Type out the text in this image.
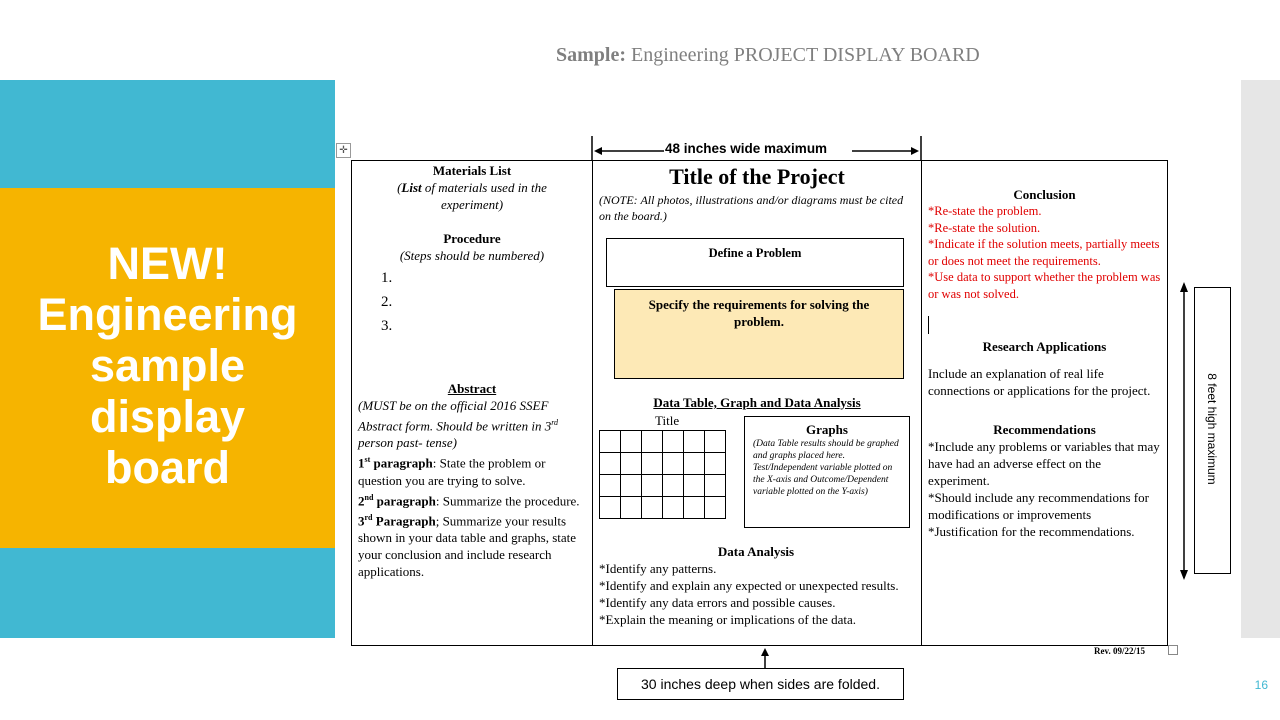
NEW!
Engineering
sample
display
board
Sample: Engineering PROJECT DISPLAY BOARD
✛	48 inches wide maximum
8 feet high maximum
Materials List
(List of materials used in the experiment)
Procedure
(Steps should be numbered)
1.
2.
3.
Abstract
(MUST be on the official 2016 SSEF Abstract form. Should be written in 3rd person past- tense)
1st paragraph: State the problem or question you are trying to solve.
2nd paragraph: Summarize the procedure.
3rd Paragraph; Summarize your results shown in your data table and graphs, state your conclusion and include research applications.
Title of the Project
(NOTE: All photos, illustrations and/or diagrams must be cited on the board.)
Define a Problem
Specify the requirements for solving the problem.
Data Table, Graph and Data Analysis
Title

Graphs
(Data Table results should be graphed and graphs placed here. Test/Independent variable plotted on the X-axis and Outcome/Dependent variable plotted on the Y-axis)
Data Analysis
*Identify any patterns.
*Identify and explain any expected or unexpected results.
*Identify any data errors and possible causes.
*Explain the meaning or implications of the data.
Conclusion
*Re-state the problem.
*Re-state the solution.
*Indicate if the solution meets, partially meets or does not meet the requirements.
*Use data to support whether the problem was or was not solved.
Research Applications
Include an explanation of real life connections or applications for the project.
Recommendations
*Include any problems or variables that may have had an adverse effect on the experiment.
*Should include any recommendations for modifications or improvements
*Justification for the recommendations.
Rev. 09/22/15
30 inches deep when sides are folded.	16
